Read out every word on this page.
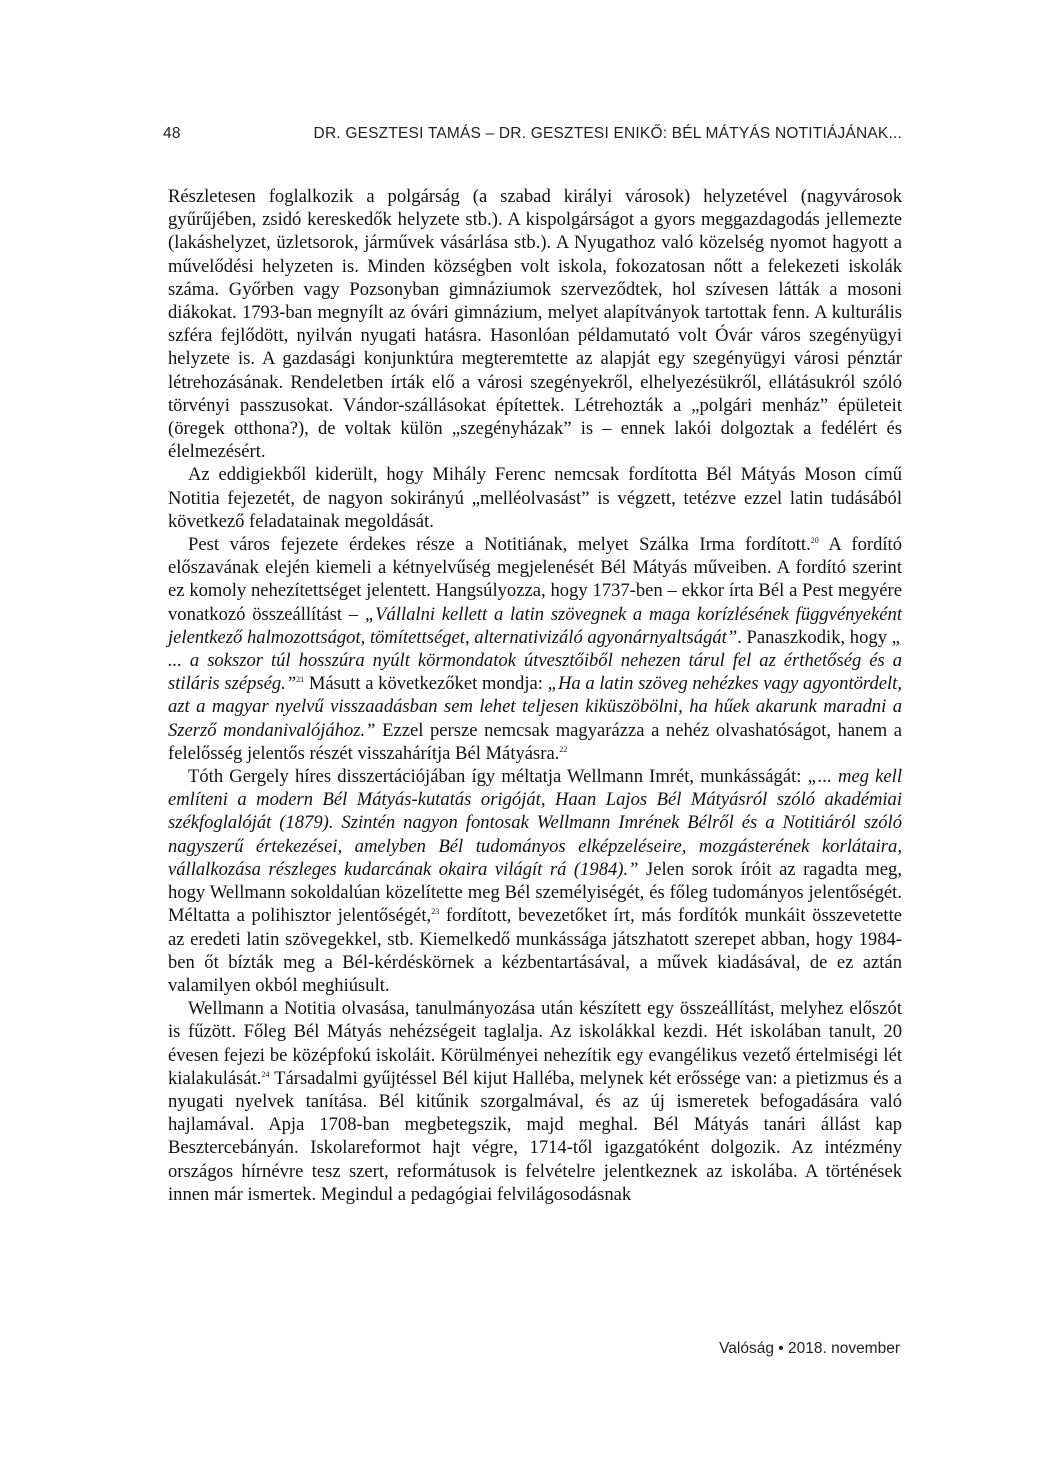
48	DR. GESZTESI TAMÁS – DR. GESZTESI ENIKŐ: BÉL MÁTYÁS NOTITIÁJÁNAK...

Részletesen foglalkozik a polgárság (a szabad királyi városok) helyzetével (nagyvárosok gyűrűjében, zsidó kereskedők helyzete stb.). A kispolgárságot a gyors meggazdagodás jellemezte (lakáshelyzet, üzletsorok, járművek vásárlása stb.). A Nyugathoz való közelség nyomot hagyott a művelődési helyzeten is. Minden községben volt iskola, fokozatosan nőtt a felekezeti iskolák száma. Győrben vagy Pozsonyban gimnáziumok szerveződtek, hol szívesen látták a mosoni diákokat. 1793-ban megnyílt az óvári gimnázium, melyet alapítványok tartottak fenn. A kulturális szféra fejlődött, nyilván nyugati hatásra. Hasonlóan példamutató volt Óvár város szegényügyi helyzete is. A gazdasági konjunktúra megteremtette az alapját egy szegényügyi városi pénztár létrehozásának. Rendeletben írták elő a városi szegényekről, elhelyezésükről, ellátásukról szóló törvényi passzusokat. Vándor-szállásokat építettek. Létrehozták a „polgári menház” épületeit (öregek otthona?), de voltak külön „szegényházak” is – ennek lakói dolgoztak a fedélért és élelmezésért.

Az eddigiekből kiderült, hogy Mihály Ferenc nemcsak fordította Bél Mátyás Moson című Notitia fejezetét, de nagyon sokirányú „melléolvasást” is végzett, tetézve ezzel latin tudásából következő feladatainak megoldását.

Pest város fejezete érdekes része a Notitiának, melyet Szálka Irma fordított.$^{20}$ A fordító előszavának elején kiemeli a kétnyelvűség megjelenését Bél Mátyás műveiben. A fordító szerint ez komoly nehezítettséget jelentett. Hangsúlyozza, hogy 1737-ben – ekkor írta Bél a Pest megyére vonatkozó összeállítást – „Vállalni kellett a latin szövegnek a maga korízlésének függvényeként jelentkező halmozottságot, tömítettséget, alternativizáló agyonárnyaltságát”. Panaszkodik, hogy „ ... a sokszor túl hosszúra nyúlt körmondatok útvesztőiből nehezen tárul fel az érthetőség és a stiláris szépség.”$^{21}$ Másutt a következőket mondja: „Ha a latin szöveg nehézkes vagy agyontördelt, azt a magyar nyelvű visszaadásban sem lehet teljesen kiküszöbölni, ha hűek akarunk maradni a Szerző mondanivalójához.” Ezzel persze nemcsak magyarázza a nehéz olvashatóságot, hanem a felelősség jelentős részét visszahárítja Bél Mátyásra.$^{22}$

Tóth Gergely híres disszertációjában így méltatja Wellmann Imrét, munkásságát: „... meg kell említeni a modern Bél Mátyás-kutatás origóját, Haan Lajos Bél Mátyásról szóló akadémiai székfoglalóját (1879). Szintén nagyon fontosak Wellmann Imrének Bélről és a Notitiáról szóló nagyszerű értekezései, amelyben Bél tudományos elképzeléseire, mozgásterének korlátaira, vállalkozása részleges kudarcának okaira világít rá (1984).” Jelen sorok íróit az ragadta meg, hogy Wellmann sokoldalúan közelítette meg Bél személyiségét, és főleg tudományos jelentőségét. Méltatta a polihisztor jelentőségét,$^{23}$ fordított, bevezetőket írt, más fordítók munkáit összevetette az eredeti latin szövegekkel, stb. Kiemelkedő munkássága játszhatott szerepet abban, hogy 1984-ben őt bízták meg a Bél-kérdéskörnek a kézbentartásával, a művek kiadásával, de ez aztán valamilyen okból meghiúsult.

Wellmann a Notitia olvasása, tanulmányozása után készített egy összeállítást, melyhez előszót is fűzött. Főleg Bél Mátyás nehézségeit taglalja. Az iskolákkal kezdi. Hét iskolában tanult, 20 évesen fejezi be középfokú iskoláit. Körülményei nehezítik egy evangélikus vezető értelmiségi lét kialakulását.$^{24}$ Társadalmi gyűjtéssel Bél kijut Halléba, melynek két erőssége van: a pietizmus és a nyugati nyelvek tanítása. Bél kitűnik szorgalmával, és az új ismeretek befogadására való hajlamával. Apja 1708-ban megbetegszik, majd meghal. Bél Mátyás tanári állást kap Besztercebányán. Iskolareformot hajt végre, 1714-től igazgatóként dolgozik. Az intézmény országos hírnévre tesz szert, reformátusok is felvételre jelentkeznek az iskolába. A történések innen már ismertek. Megindul a pedagógiai felvilágosodásnak

Valóság • 2018. november
